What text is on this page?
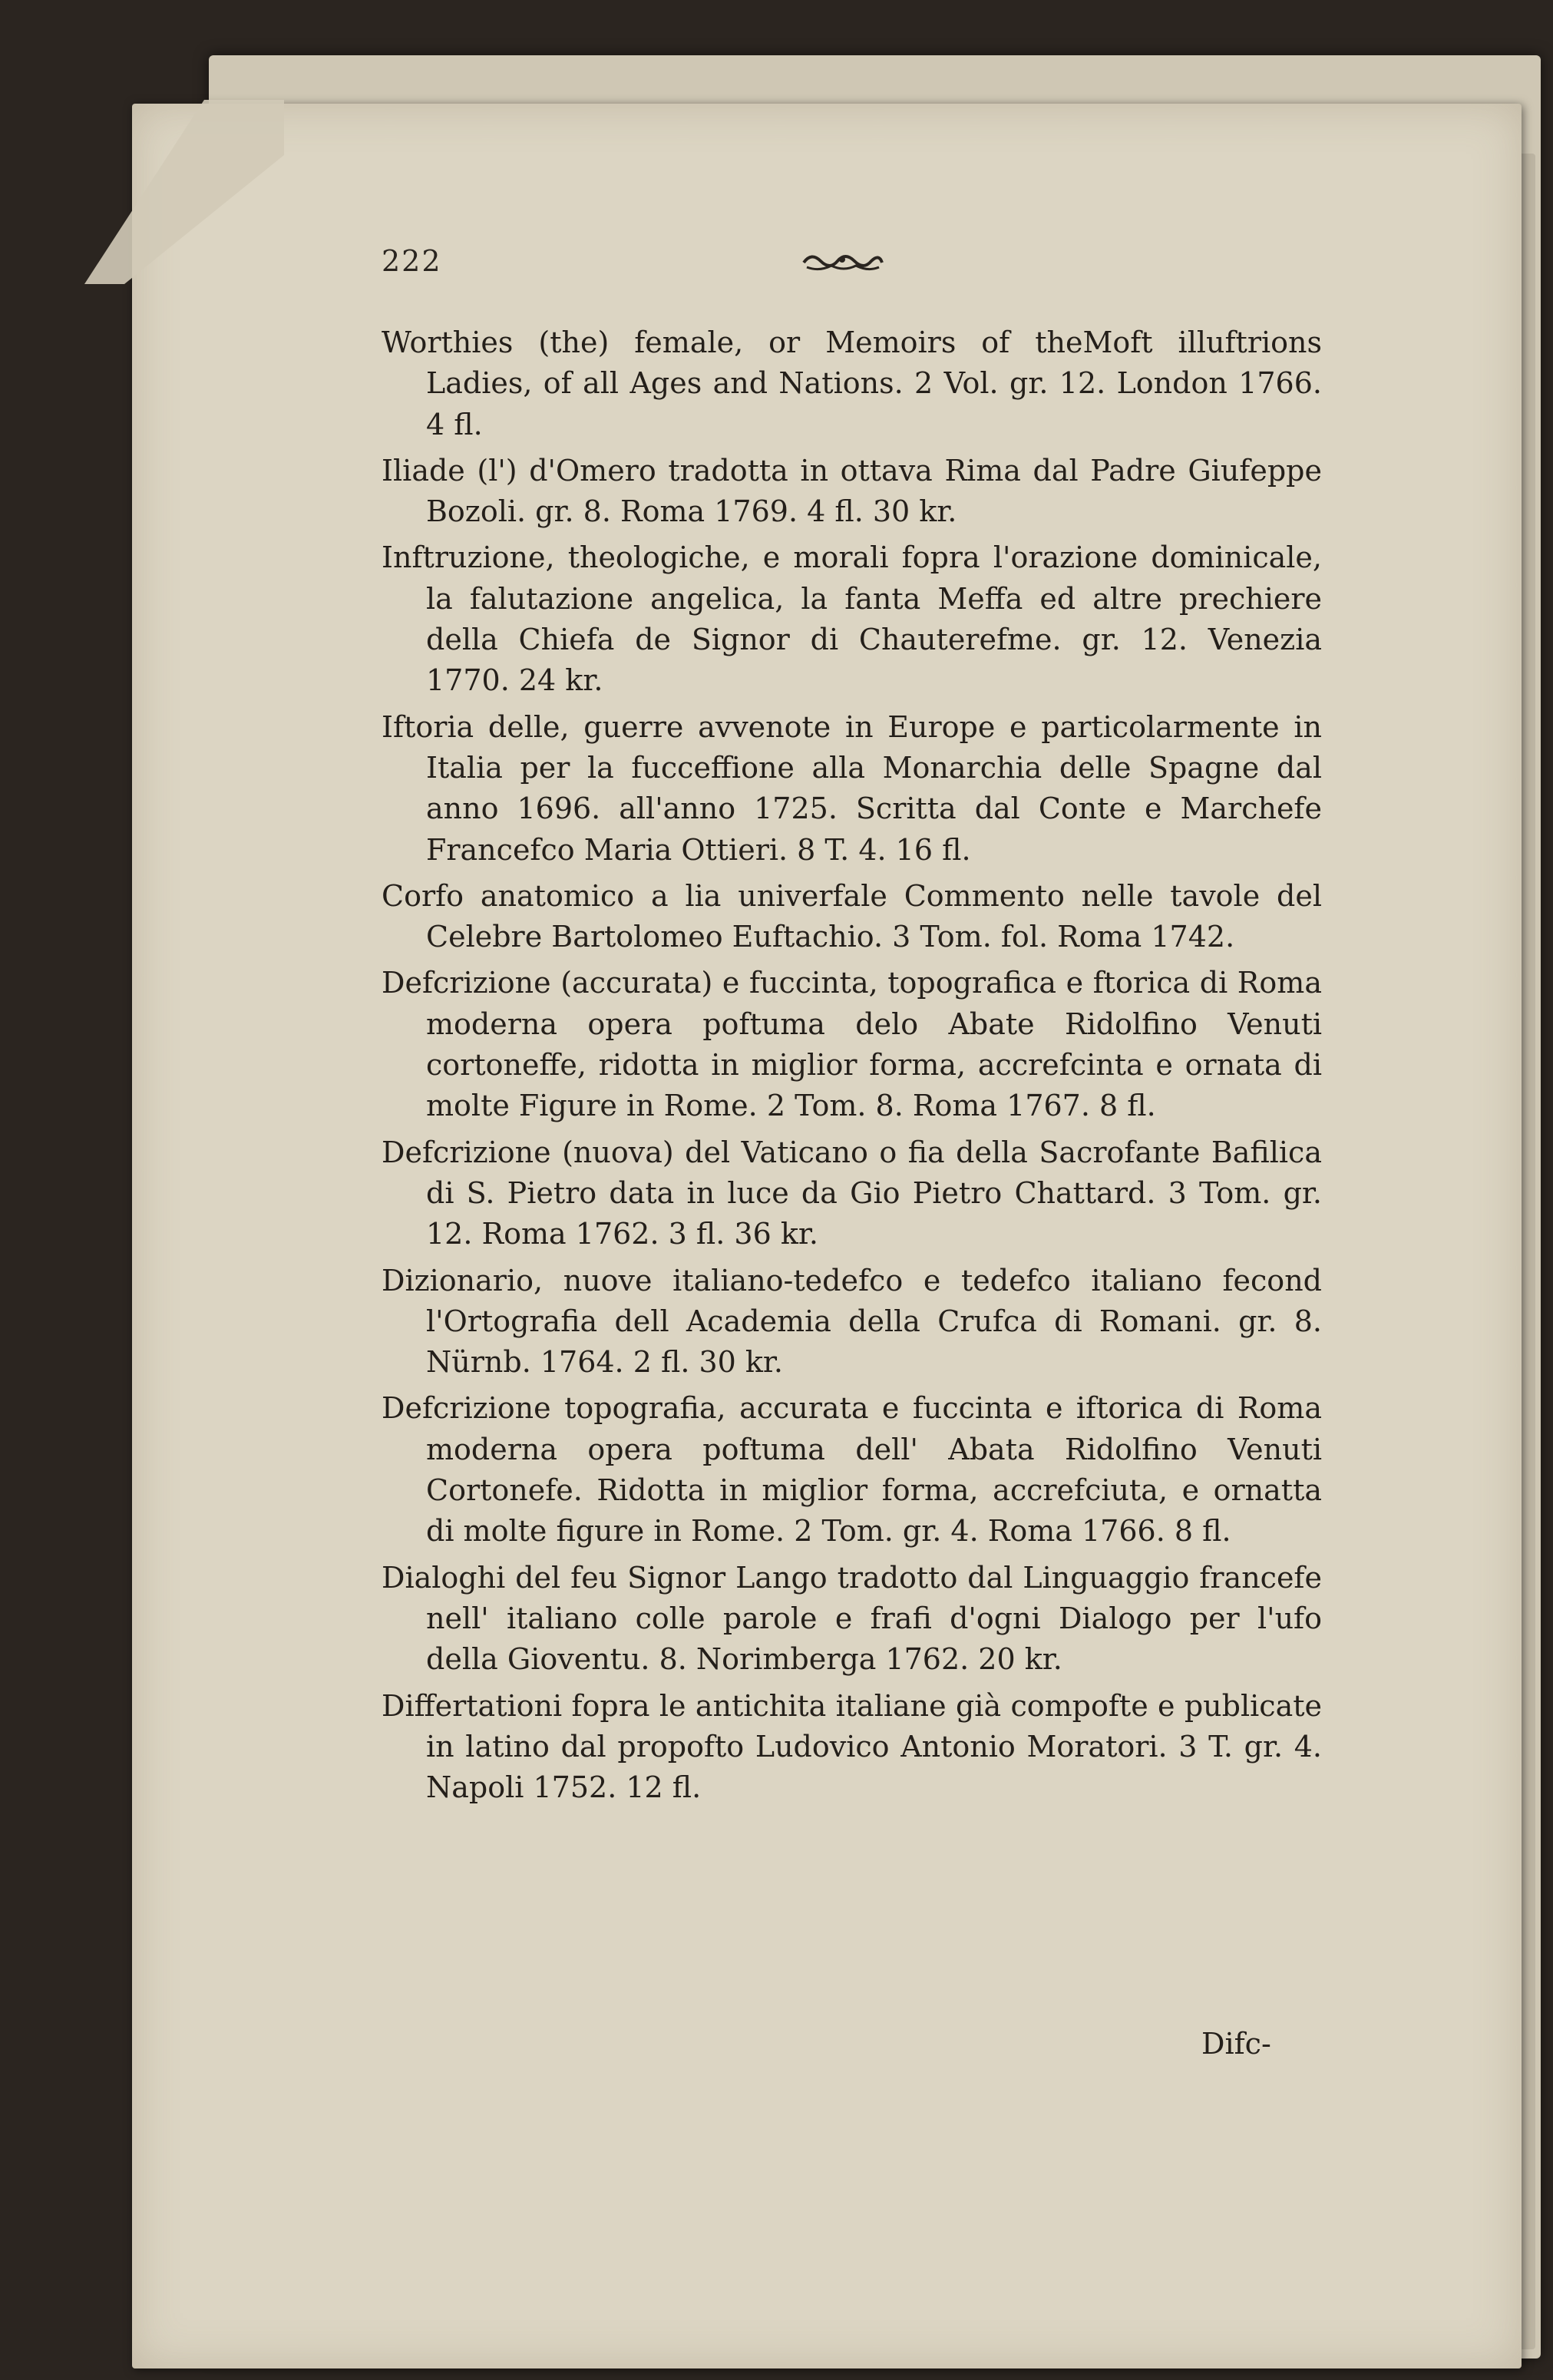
222

Worthies (the) female, or Memoirs of theMoft illuftrions Ladies, of all Ages and Nations. 2 Vol. gr. 12. London 1766. 4 fl.

Iliade (l') d'Omero tradotta in ottava Rima dal Padre Giufeppe Bozoli. gr. 8. Roma 1769. 4 fl. 30 kr.

Inftruzione, theologiche, e morali fopra l'orazione dominicale, la falutazione angelica, la fanta Meffa ed altre prechiere della Chiefa de Signor di Chauterefme. gr. 12. Venezia 1770. 24 kr.

Iftoria delle, guerre avvenote in Europe e particolarmente in Italia per la fucceffione alla Monarchia delle Spagne dal anno 1696. all'anno 1725. Scritta dal Conte e Marchefe Francefco Maria Ottieri. 8 T. 4. 16 fl.

Corfo anatomico a lia univerfale Commento nelle tavole del Celebre Bartolomeo Euftachio. 3 Tom. fol. Roma 1742.

Defcrizione (accurata) e fuccinta, topografica e ftorica di Roma moderna opera poftuma delo Abate Ridolfino Venuti cortoneffe, ridotta in miglior forma, accrefcinta e ornata di molte Figure in Rome. 2 Tom. 8. Roma 1767. 8 fl.

Defcrizione (nuova) del Vaticano o fia della Sacrofante Bafilica di S. Pietro data in luce da Gio Pietro Chattard. 3 Tom. gr. 12. Roma 1762. 3 fl. 36 kr.

Dizionario, nuove italiano-tedefco e tedefco italiano fecond l'Ortografia dell Academia della Crufca di Romani. gr. 8. Nürnb. 1764. 2 fl. 30 kr.

Defcrizione topografia, accurata e fuccinta e iftorica di Roma moderna opera poftuma dell' Abata Ridolfino Venuti Cortonefe. Ridotta in miglior forma, accrefciuta, e ornatta di molte figure in Rome. 2 Tom. gr. 4. Roma 1766. 8 fl.

Dialoghi del feu Signor Lango tradotto dal Linguaggio francefe nell' italiano colle parole e frafi d'ogni Dialogo per l'ufo della Gioventu. 8. Norimberga 1762. 20 kr.

Differtationi fopra le antichita italiane già compofte e publicate in latino dal propofto Ludovico Antonio Moratori. 3 T. gr. 4. Napoli 1752. 12 fl.

Difc-
